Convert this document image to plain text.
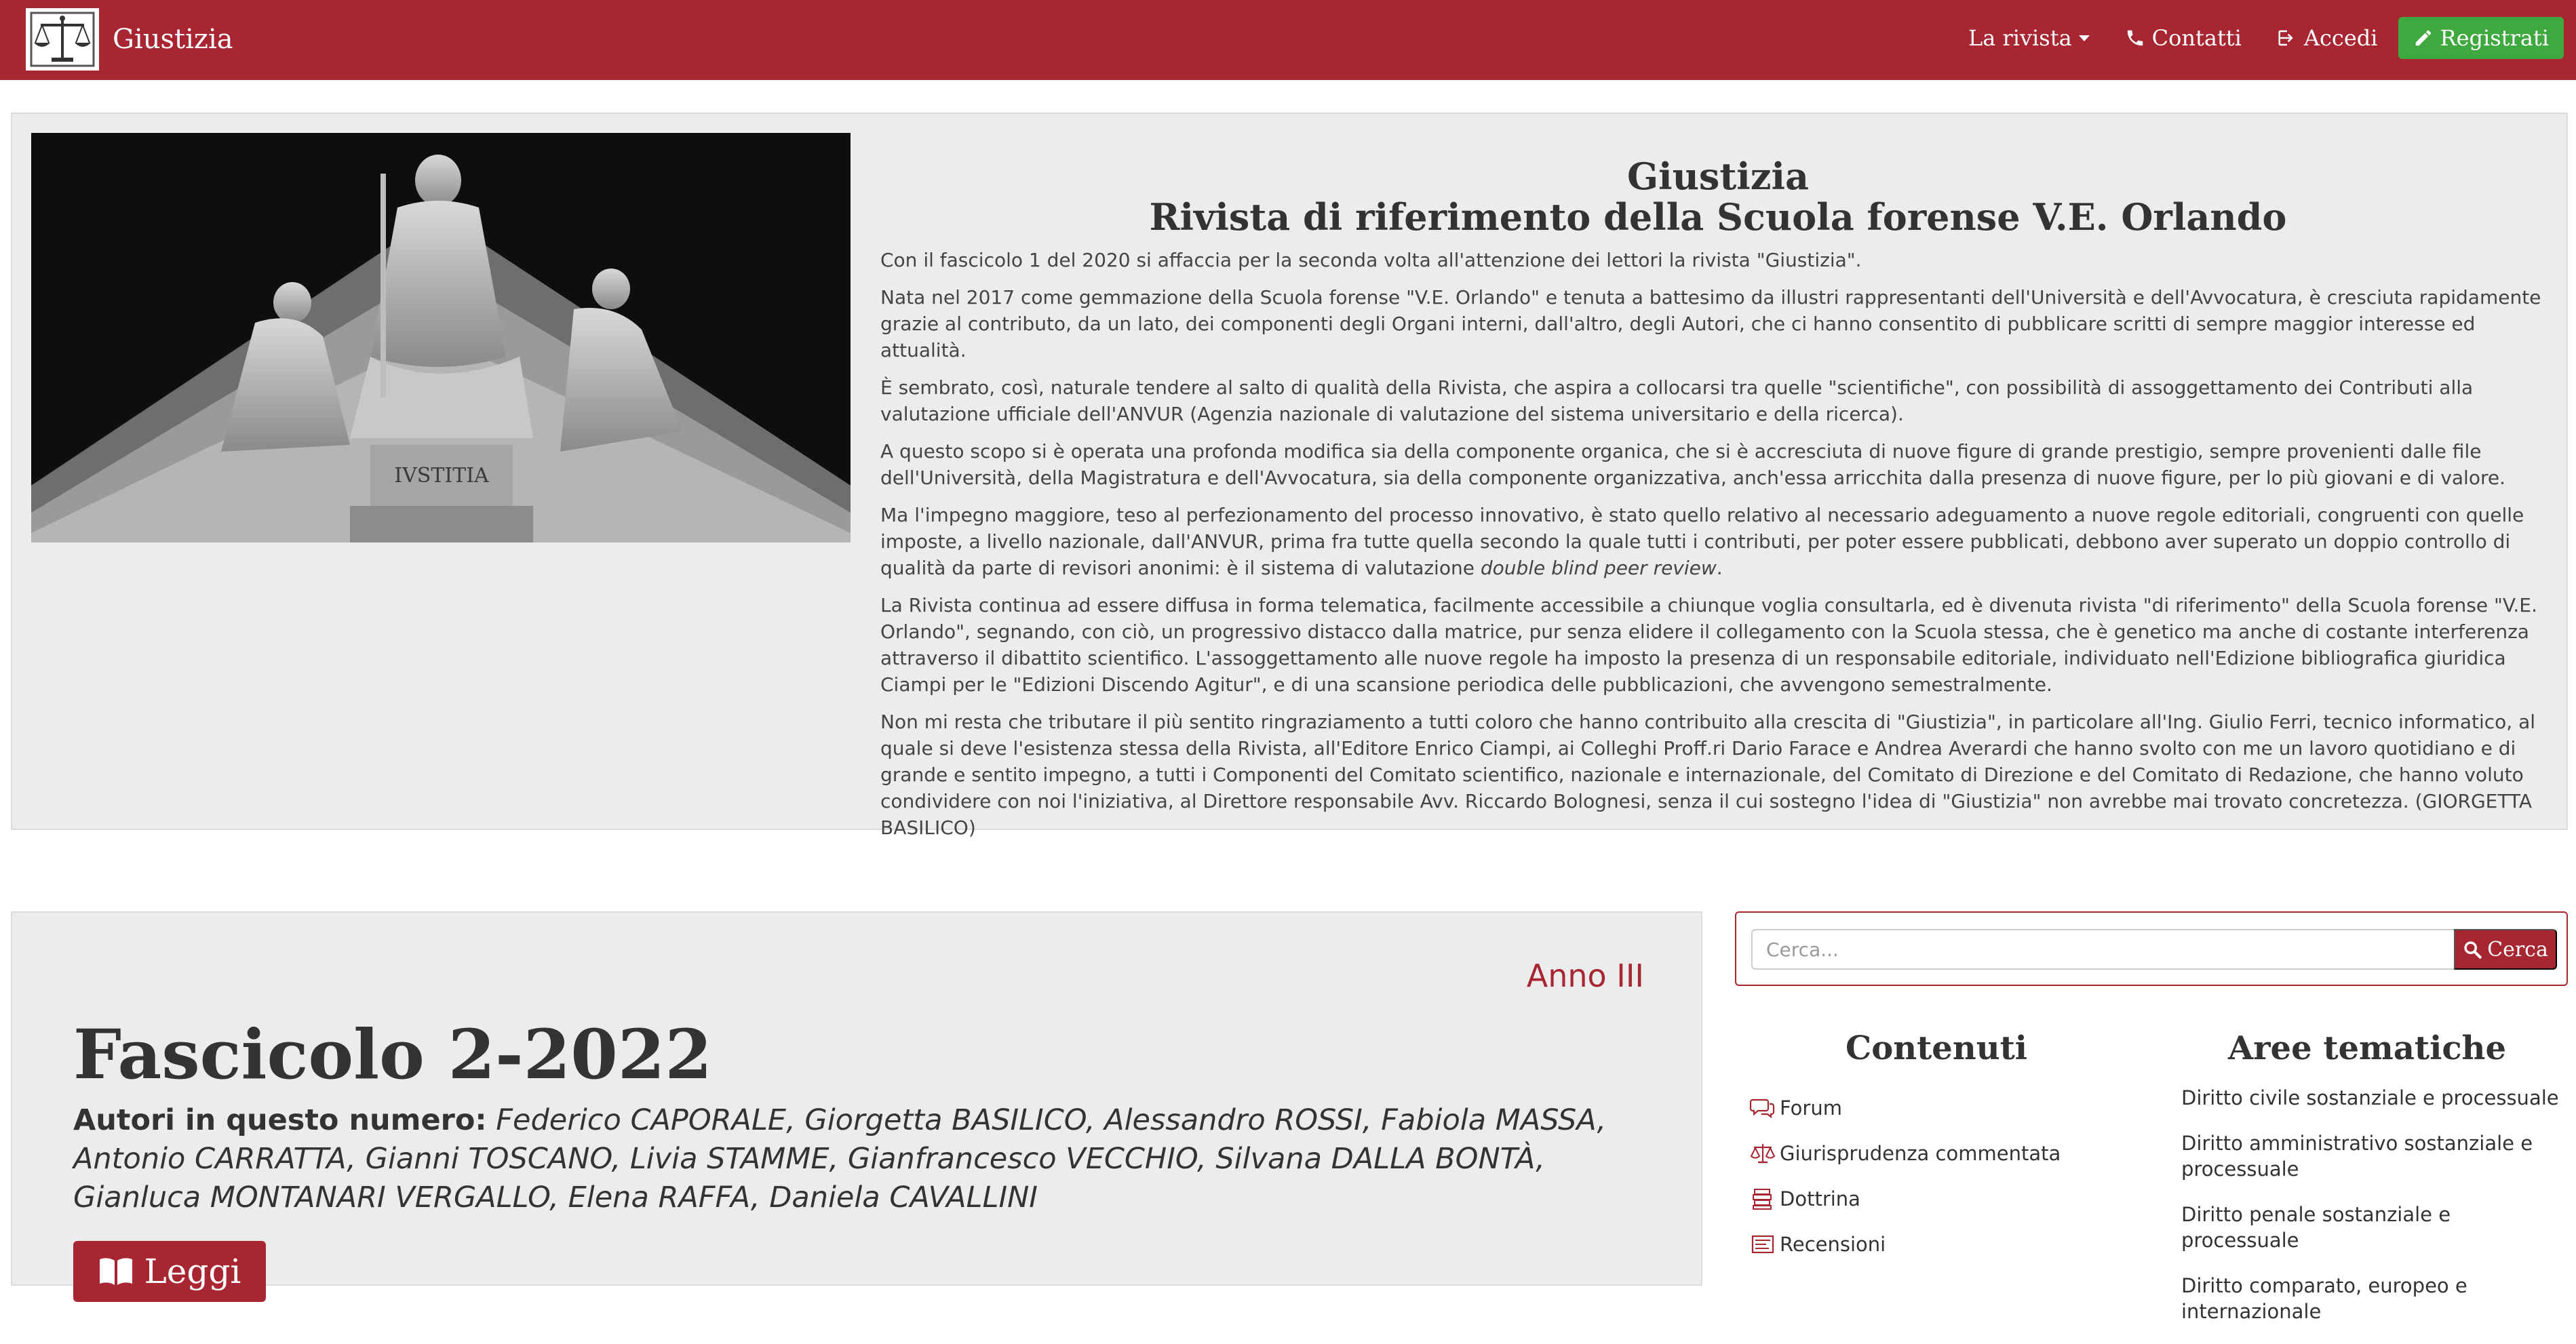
Giustizia	La rivista	Contatti	Accedi	Registrati
IVSTITIA
Giustizia
Rivista di riferimento della Scuola forense V.E. Orlando

Con il fascicolo 1 del 2020 si affaccia per la seconda volta all'attenzione dei lettori la rivista "Giustizia".

Nata nel 2017 come gemmazione della Scuola forense "V.E. Orlando" e tenuta a battesimo da illustri rappresentanti dell'Università e dell'Avvocatura, è cresciuta rapidamente grazie al contributo, da un lato, dei componenti degli Organi interni, dall'altro, degli Autori, che ci hanno consentito di pubblicare scritti di sempre maggior interesse ed attualità.

È sembrato, così, naturale tendere al salto di qualità della Rivista, che aspira a collocarsi tra quelle "scientifiche", con possibilità di assoggettamento dei Contributi alla valutazione ufficiale dell'ANVUR (Agenzia nazionale di valutazione del sistema universitario e della ricerca).

A questo scopo si è operata una profonda modifica sia della componente organica, che si è accresciuta di nuove figure di grande prestigio, sempre provenienti dalle file dell'Università, della Magistratura e dell'Avvocatura, sia della componente organizzativa, anch'essa arricchita dalla presenza di nuove figure, per lo più giovani e di valore.

Ma l'impegno maggiore, teso al perfezionamento del processo innovativo, è stato quello relativo al necessario adeguamento a nuove regole editoriali, congruenti con quelle imposte, a livello nazionale, dall'ANVUR, prima fra tutte quella secondo la quale tutti i contributi, per poter essere pubblicati, debbono aver superato un doppio controllo di qualità da parte di revisori anonimi: è il sistema di valutazione double blind peer review.

La Rivista continua ad essere diffusa in forma telematica, facilmente accessibile a chiunque voglia consultarla, ed è divenuta rivista "di riferimento" della Scuola forense "V.E. Orlando", segnando, con ciò, un progressivo distacco dalla matrice, pur senza elidere il collegamento con la Scuola stessa, che è genetico ma anche di costante interferenza attraverso il dibattito scientifico. L'assoggettamento alle nuove regole ha imposto la presenza di un responsabile editoriale, individuato nell'Edizione bibliografica giuridica Ciampi per le "Edizioni Discendo Agitur", e di una scansione periodica delle pubblicazioni, che avvengono semestralmente.

Non mi resta che tributare il più sentito ringraziamento a tutti coloro che hanno contribuito alla crescita di "Giustizia", in particolare all'Ing. Giulio Ferri, tecnico informatico, al quale si deve l'esistenza stessa della Rivista, all'Editore Enrico Ciampi, ai Colleghi Proff.ri Dario Farace e Andrea Averardi che hanno svolto con me un lavoro quotidiano e di grande e sentito impegno, a tutti i Componenti del Comitato scientifico, nazionale e internazionale, del Comitato di Direzione e del Comitato di Redazione, che hanno voluto condividere con noi l'iniziativa, al Direttore responsabile Avv. Riccardo Bolognesi, senza il cui sostegno l'idea di "Giustizia" non avrebbe mai trovato concretezza. (GIORGETTA BASILICO)

Anno III
Fascicolo 2-2022
Autori in questo numero: Federico CAPORALE, Giorgetta BASILICO, Alessandro ROSSI, Fabiola MASSA, Antonio CARRATTA, Gianni TOSCANO, Livia STAMME, Gianfrancesco VECCHIO, Silvana DALLA BONTÀ, Gianluca MONTANARI VERGALLO, Elena RAFFA, Daniela CAVALLINI
Leggi
Cerca...
Cerca
Contenuti
Forum
Giurisprudenza commentata
Dottrina
Recensioni
Aree tematiche
Diritto civile sostanziale e processuale
Diritto amministrativo sostanziale e processuale
Diritto penale sostanziale e processuale
Diritto comparato, europeo e internazionale
